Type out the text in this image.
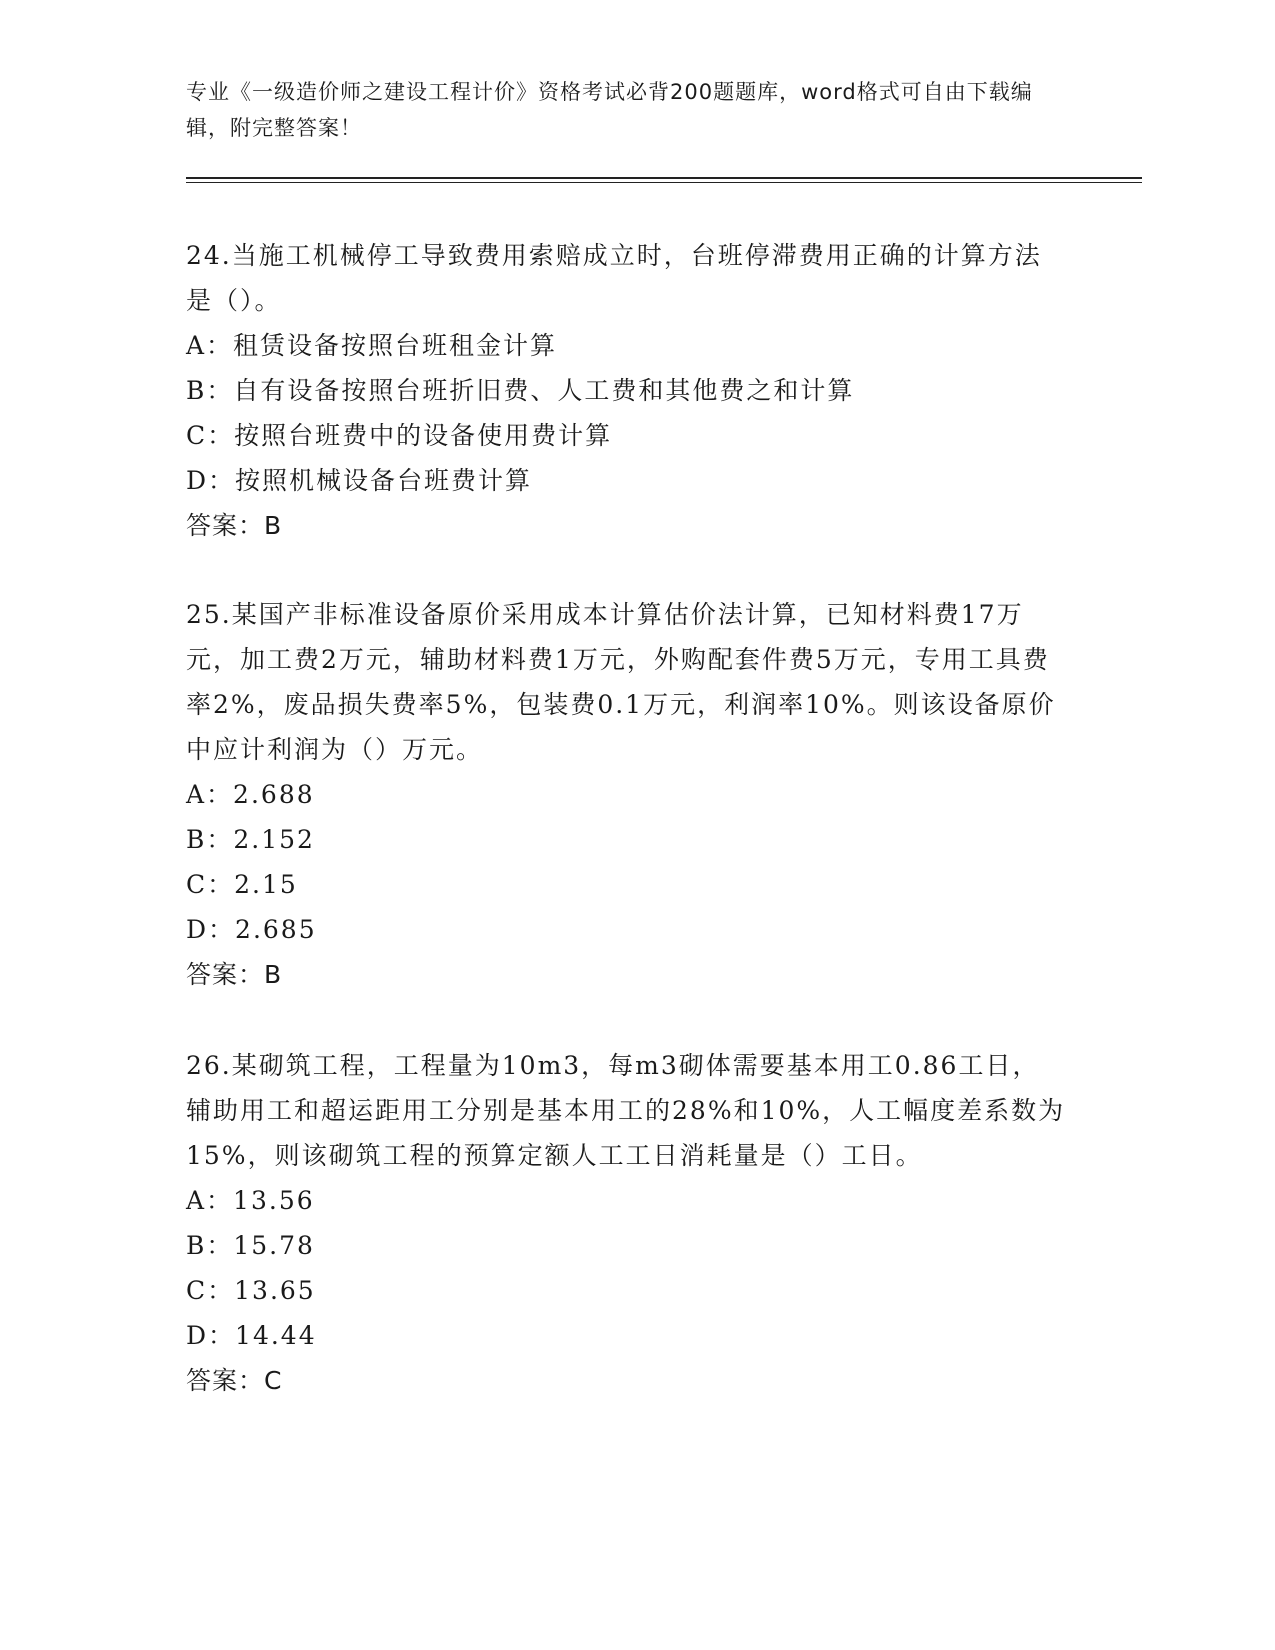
专业《一级造价师之建设工程计价》资格考试必背200题题库，word格式可自由下载编辑，附完整答案！

24.当施工机械停工导致费用索赔成立时，台班停滞费用正确的计算方法是（）。

A：租赁设备按照台班租金计算

B：自有设备按照台班折旧费、人工费和其他费之和计算

C：按照台班费中的设备使用费计算

D：按照机械设备台班费计算

答案：B

25.某国产非标准设备原价采用成本计算估价法计算，已知材料费17万元，加工费2万元，辅助材料费1万元，外购配套件费5万元，专用工具费率2%，废品损失费率5%，包装费0.1万元，利润率10%。则该设备原价中应计利润为（）万元。

A：2.688

B：2.152

C：2.15

D：2.685

答案：B

26.某砌筑工程，工程量为10m3，每m3砌体需要基本用工0.86工日，辅助用工和超运距用工分别是基本用工的28%和10%，人工幅度差系数为15%，则该砌筑工程的预算定额人工工日消耗量是（）工日。

A：13.56

B：15.78

C：13.65

D：14.44

答案：C
